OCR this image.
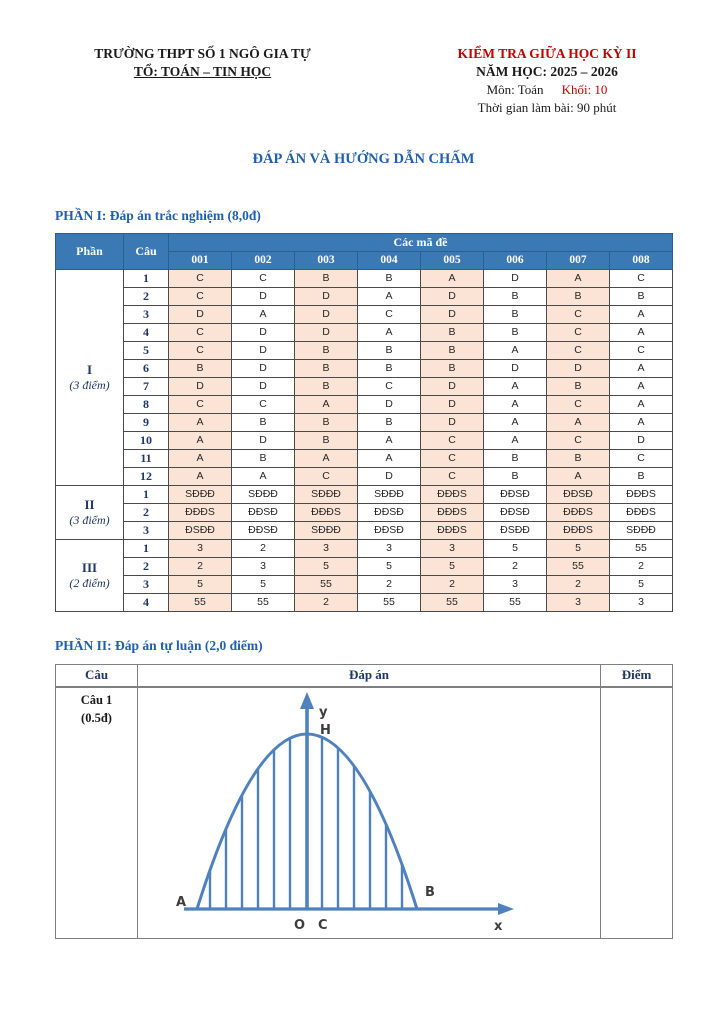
TRƯỜNG THPT SỐ 1 NGÔ GIA TỰ
TỔ: TOÁN – TIN HỌC
KIỂM TRA GIỮA HỌC KỲ II
NĂM HỌC: 2025 – 2026
Môn: Toán Khối: 10
Thời gian làm bài: 90 phút
ĐÁP ÁN VÀ HƯỚNG DẪN CHẤM
PHẦN I: Đáp án trắc nghiệm (8,0đ)
Phần	Câu	Các mã đề							
		001	002	003	004	005	006	007	008

I
(3 điểm)	1	C	C	B	B	A	D	A	C
	2	C	D	D	A	D	B	B	B
	3	D	A	D	C	D	B	C	A
	4	C	D	D	A	B	B	C	A
	5	C	D	B	B	B	A	C	C
	6	B	D	B	B	B	D	D	A
	7	D	D	B	C	D	A	B	A
	8	C	C	A	D	D	A	C	A
	9	A	B	B	B	D	A	A	A
	10	A	D	B	A	C	A	C	D
	11	A	B	A	A	C	B	B	C
	12	A	A	C	D	C	B	A	B

II
(3 điểm)	1	SĐĐĐ	SĐĐĐ	SĐĐĐ	SĐĐĐ	ĐĐĐS	ĐĐSĐ	ĐĐSĐ	ĐĐĐS
	2	ĐĐĐS	ĐĐSĐ	ĐĐĐS	ĐĐSĐ	ĐĐĐS	ĐĐSĐ	ĐĐĐS	ĐĐĐS
	3	ĐSĐĐ	ĐĐSĐ	SĐĐĐ	ĐĐSĐ	ĐĐĐS	ĐSĐĐ	ĐĐĐS	SĐĐĐ

III
(2 điểm)	1	3	2	3	3	3	5	5	55
	2	2	3	5	5	5	2	55	2
	3	5	5	55	2	2	3	2	5
	4	55	55	2	55	55	55	3	3
PHẦN II: Đáp án tự luận (2,0 điểm)
Câu	Đáp án	Điểm

Câu 1
(0.5đ)	y
H
A
B
O C	x
